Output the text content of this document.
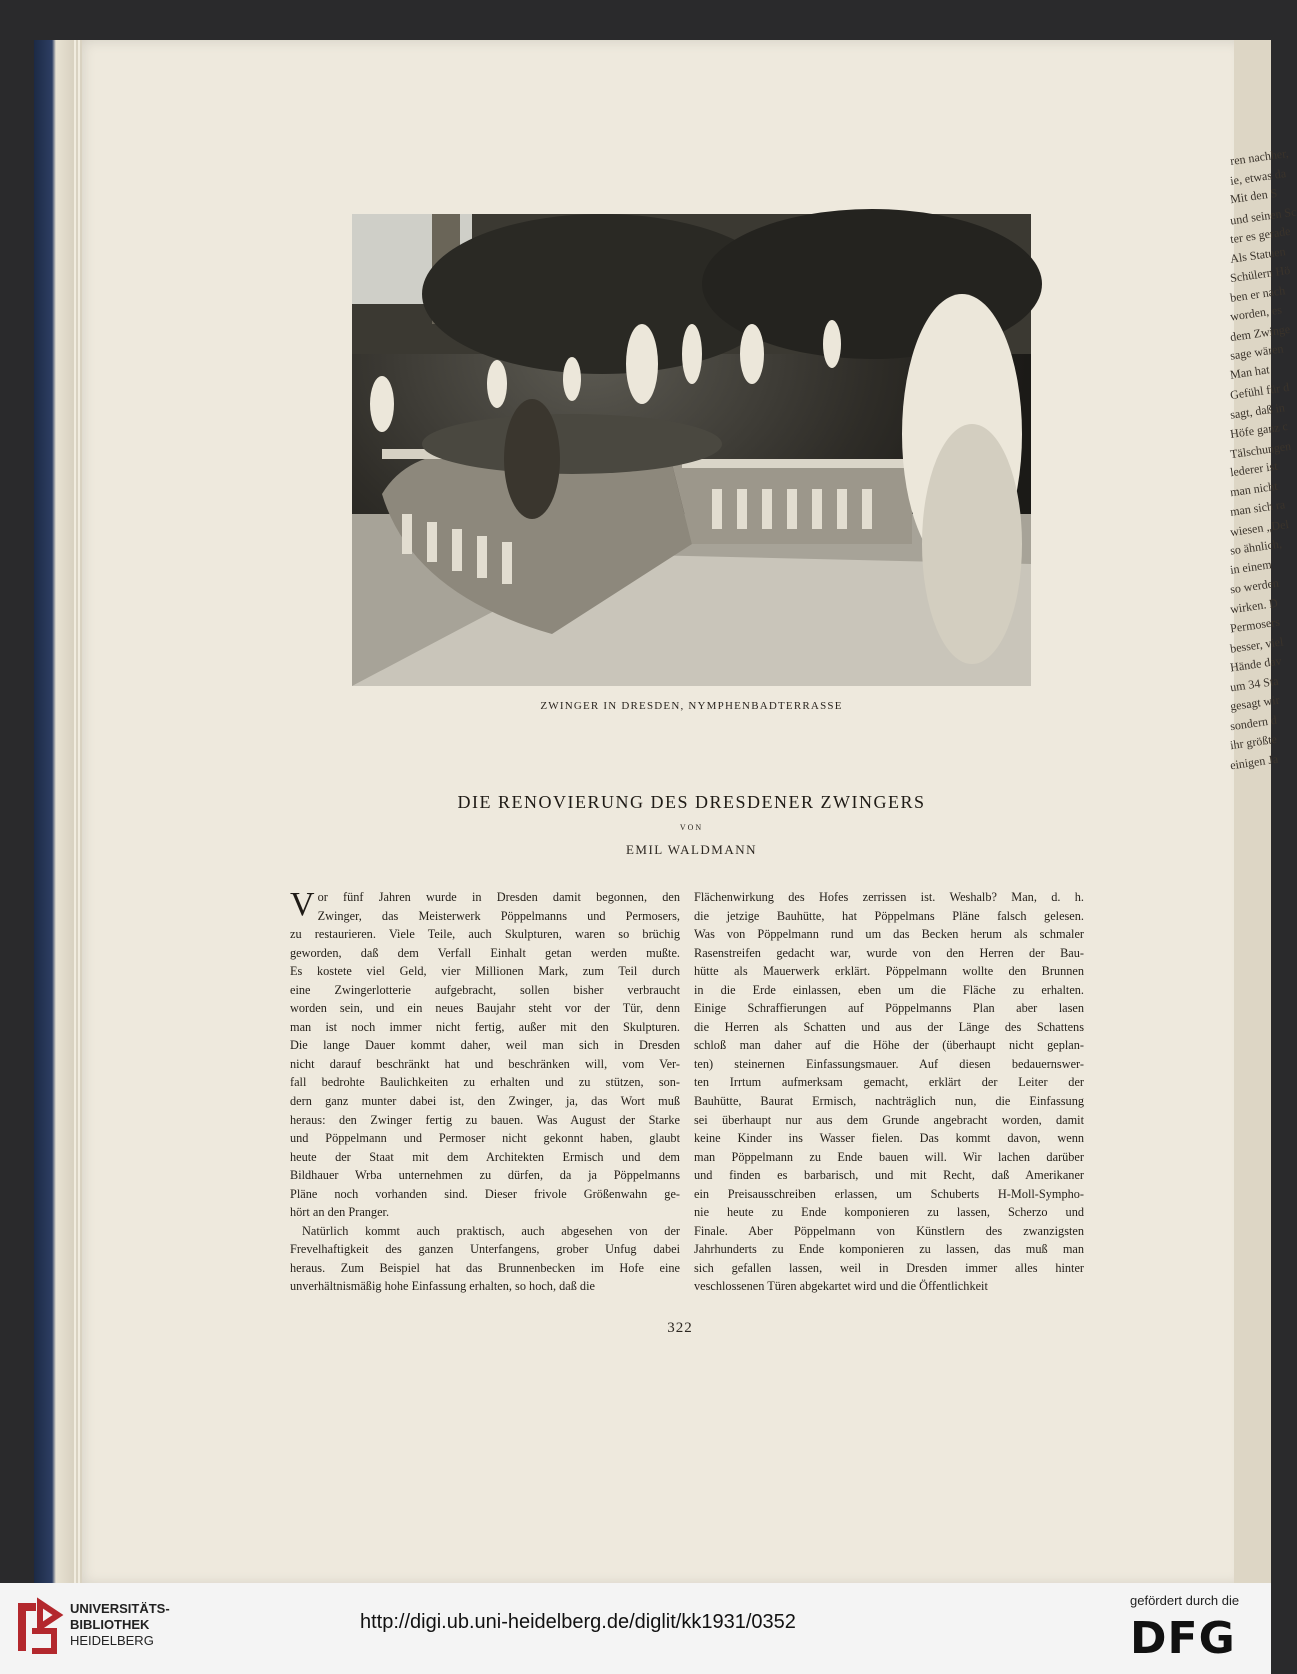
ren nachher,
ie, etwas da
Mit den S
und seinen Sc
ter es gerade
Als Statuen
Schülern Hö
ben er nach
worden, es
dem Zwinge
sage wären
Man hat
Gefühl für d
sagt, daß in
Höfe ganz c
Tälschungen
lederer ist
man nicht
man sich ra
wiesen „Del
so ähnlich,
in einem
so werden
wirken. D
Permosers
besser, viel
Hände dav
um 34 Sta
gesagt wir
sondern d
ihr größte
einigen Ja
ZWINGER IN DRESDEN, NYMPHENBADTERRASSE
DIE RENOVIERUNG DES DRESDENER ZWINGERS
VON
EMIL WALDMANN
V or fünf Jahren wurde in Dresden damit begonnen, den
Zwinger, das Meisterwerk Pöppelmanns und Permosers,
zu restaurieren. Viele Teile, auch Skulpturen, waren so brüchig
geworden, daß dem Verfall Einhalt getan werden mußte.
Es kostete viel Geld, vier Millionen Mark, zum Teil durch
eine Zwingerlotterie aufgebracht, sollen bisher verbraucht
worden sein, und ein neues Baujahr steht vor der Tür, denn
man ist noch immer nicht fertig, außer mit den Skulpturen.
Die lange Dauer kommt daher, weil man sich in Dresden
nicht darauf beschränkt hat und beschränken will, vom Ver-
fall bedrohte Baulichkeiten zu erhalten und zu stützen, son-
dern ganz munter dabei ist, den Zwinger, ja, das Wort muß
heraus: den Zwinger fertig zu bauen. Was August der Starke
und Pöppelmann und Permoser nicht gekonnt haben, glaubt
heute der Staat mit dem Architekten Ermisch und dem
Bildhauer Wrba unternehmen zu dürfen, da ja Pöppelmanns
Pläne noch vorhanden sind. Dieser frivole Größenwahn ge-
hört an den Pranger.
Natürlich kommt auch praktisch, auch abgesehen von der
Frevelhaftigkeit des ganzen Unterfangens, grober Unfug dabei
heraus. Zum Beispiel hat das Brunnenbecken im Hofe eine
unverhältnismäßig hohe Einfassung erhalten, so hoch, daß die
Flächenwirkung des Hofes zerrissen ist. Weshalb? Man, d. h.
die jetzige Bauhütte, hat Pöppelmans Pläne falsch gelesen.
Was von Pöppelmann rund um das Becken herum als schmaler
Rasenstreifen gedacht war, wurde von den Herren der Bau-
hütte als Mauerwerk erklärt. Pöppelmann wollte den Brunnen
in die Erde einlassen, eben um die Fläche zu erhalten.
Einige Schraffierungen auf Pöppelmanns Plan aber lasen
die Herren als Schatten und aus der Länge des Schattens
schloß man daher auf die Höhe der (überhaupt nicht geplan-
ten) steinernen Einfassungsmauer. Auf diesen bedauernswer-
ten Irrtum aufmerksam gemacht, erklärt der Leiter der
Bauhütte, Baurat Ermisch, nachträglich nun, die Einfassung
sei überhaupt nur aus dem Grunde angebracht worden, damit
keine Kinder ins Wasser fielen. Das kommt davon, wenn
man Pöppelmann zu Ende bauen will. Wir lachen darüber
und finden es barbarisch, und mit Recht, daß Amerikaner
ein Preisausschreiben erlassen, um Schuberts H-Moll-Sympho-
nie heute zu Ende komponieren zu lassen, Scherzo und
Finale. Aber Pöppelmann von Künstlern des zwanzigsten
Jahrhunderts zu Ende komponieren zu lassen, das muß man
sich gefallen lassen, weil in Dresden immer alles hinter
veschlossenen Türen abgekartet wird und die Öffentlichkeit
322
UNIVERSITÄTS-
BIBLIOTHEK
HEIDELBERG
http://digi.ub.uni-heidelberg.de/diglit/kk1931/0352
gefördert durch die
DFG
